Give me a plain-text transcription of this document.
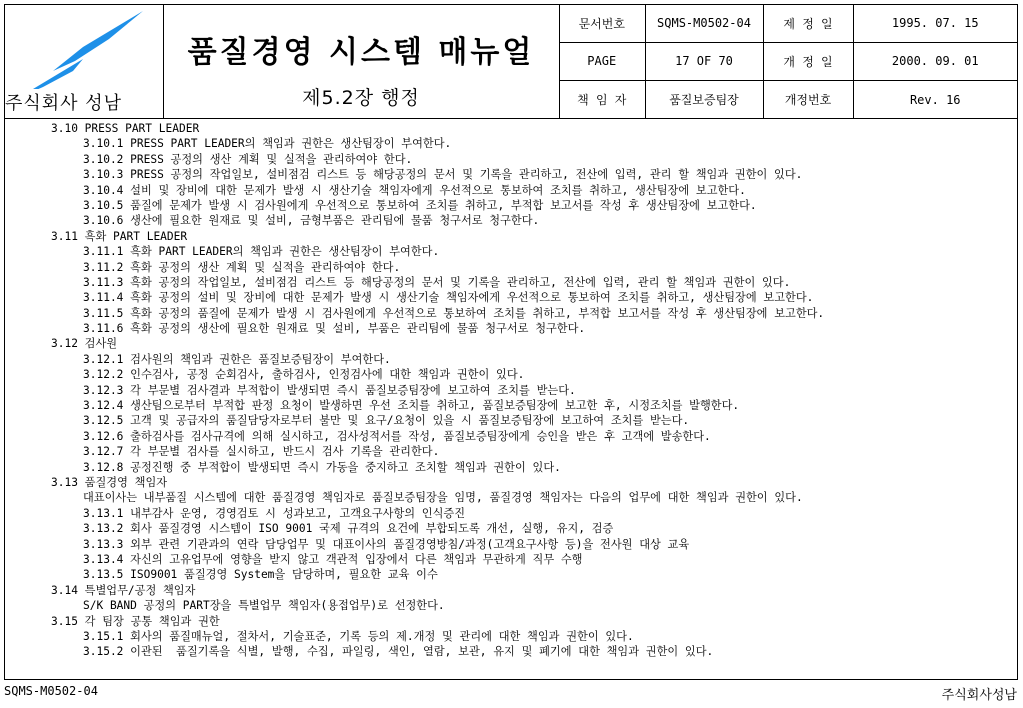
주식회사 성남
품질경영 시스템 매뉴얼
제5.2장 행정
문서번호	SQMS-M0502-04	제 정 일	1995. 07. 15
PAGE	17 OF 70	개 정 일	2000. 09. 01
책 임 자	품질보증팀장	개정번호	Rev. 16
3.10 PRESS PART LEADER
3.10.1 PRESS PART LEADER의 책임과 권한은 생산팀장이 부여한다.
3.10.2 PRESS 공정의 생산 계획 및 실적을 관리하여야 한다.
3.10.3 PRESS 공정의 작업일보, 설비점검 리스트 등 해당공정의 문서 및 기록을 관리하고, 전산에 입력, 관리 할 책임과 권한이 있다.
3.10.4 설비 및 장비에 대한 문제가 발생 시 생산기술 책임자에게 우선적으로 통보하여 조치를 취하고, 생산팀장에 보고한다.
3.10.5 품질에 문제가 발생 시 검사원에게 우선적으로 통보하여 조치를 취하고, 부적합 보고서를 작성 후 생산팀장에 보고한다.
3.10.6 생산에 필요한 원재료 및 설비, 금형부품은 관리팀에 물품 청구서로 청구한다.
3.11 흑화 PART LEADER
3.11.1 흑화 PART LEADER의 책임과 권한은 생산팀장이 부여한다.
3.11.2 흑화 공정의 생산 계획 및 실적을 관리하여야 한다.
3.11.3 흑화 공정의 작업일보, 설비점검 리스트 등 해당공정의 문서 및 기록을 관리하고, 전산에 입력, 관리 할 책임과 권한이 있다.
3.11.4 흑화 공정의 설비 및 장비에 대한 문제가 발생 시 생산기술 책임자에게 우선적으로 통보하여 조치를 취하고, 생산팀장에 보고한다.
3.11.5 흑화 공정의 품질에 문제가 발생 시 검사원에게 우선적으로 통보하여 조치를 취하고, 부적합 보고서를 작성 후 생산팀장에 보고한다.
3.11.6 흑화 공정의 생산에 필요한 원재료 및 설비, 부품은 관리팀에 물품 청구서로 청구한다.
3.12 검사원
3.12.1 검사원의 책임과 권한은 품질보증팀장이 부여한다.
3.12.2 인수검사, 공정 순회검사, 출하검사, 인정검사에 대한 책임과 권한이 있다.
3.12.3 각 부문별 검사결과 부적합이 발생되면 즉시 품질보증팀장에 보고하여 조치를 받는다.
3.12.4 생산팀으로부터 부적합 판정 요청이 발생하면 우선 조치를 취하고, 품질보증팀장에 보고한 후, 시정조치를 발행한다.
3.12.5 고객 및 공급자의 품질담당자로부터 불만 및 요구/요청이 있을 시 품질보증팀장에 보고하여 조치를 받는다.
3.12.6 출하검사를 검사규격에 의해 실시하고, 검사성적서를 작성, 품질보증팀장에게 승인을 받은 후 고객에 발송한다.
3.12.7 각 부문별 검사를 실시하고, 반드시 검사 기록을 관리한다.
3.12.8 공정진행 중 부적합이 발생되면 즉시 가동을 중지하고 조치할 책임과 권한이 있다.
3.13 품질경영 책임자
대표이사는 내부품질 시스템에 대한 품질경영 책임자로 품질보증팀장을 임명, 품질경영 책임자는 다음의 업무에 대한 책임과 권한이 있다.
3.13.1 내부감사 운영, 경영검토 시 성과보고, 고객요구사항의 인식증진
3.13.2 회사 품질경영 시스템이 ISO 9001 국제 규격의 요건에 부합되도록 개선, 실행, 유지, 검증
3.13.3 외부 관련 기관과의 연락 담당업무 및 대표이사의 품질경영방침/과정(고객요구사항 등)을 전사원 대상 교육
3.13.4 자신의 고유업무에 영향을 받지 않고 객관적 입장에서 다른 책임과 무관하게 직무 수행
3.13.5 ISO9001 품질경영 System을 담당하며, 필요한 교육 이수
3.14 특별업무/공정 책임자
S/K BAND 공정의 PART장을 특별업무 책임자(용접업무)로 선정한다.
3.15 각 팀장 공통 책임과 권한
3.15.1 회사의 품질매뉴얼, 절차서, 기술표준, 기록 등의 제.개정 및 관리에 대한 책임과 권한이 있다.
3.15.2 이관된  품질기록을 식별, 발행, 수집, 파일링, 색인, 열람, 보관, 유지 및 폐기에 대한 책임과 권한이 있다.
SQMS-M0502-04	주식회사성남
